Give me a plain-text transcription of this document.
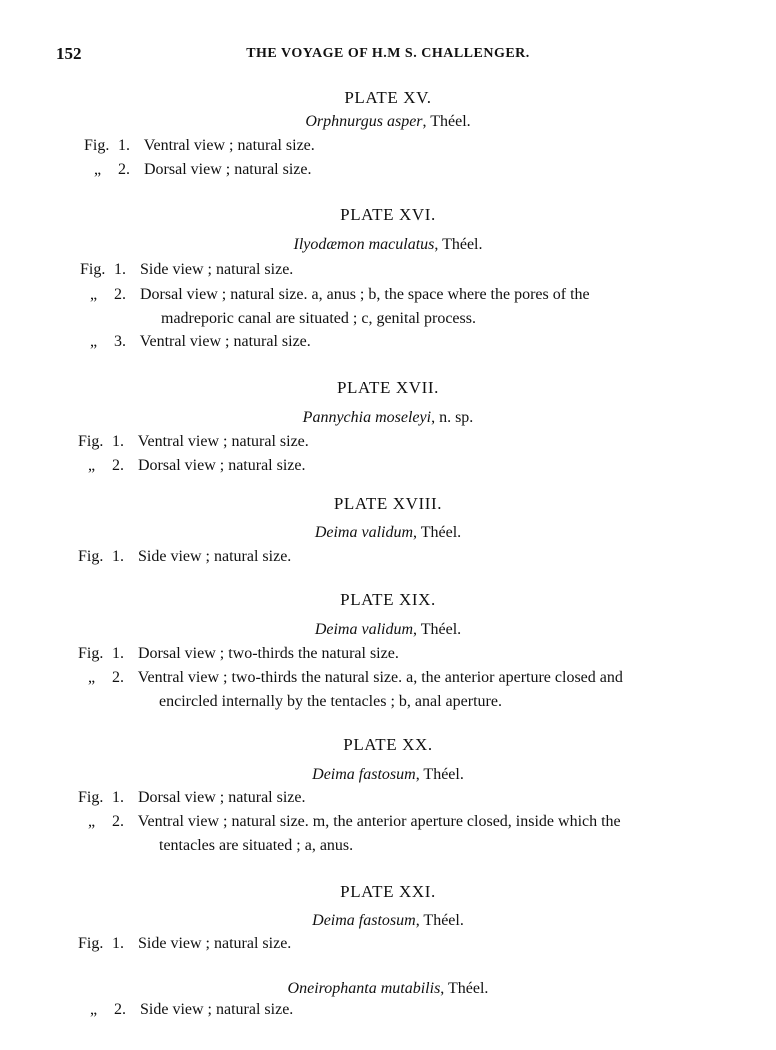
152	THE VOYAGE OF H.M S. CHALLENGER.
PLATE XV.
Orphnurgus asper, Théel.
Fig. 1. Ventral view ; natural size.
„ 2. Dorsal view ; natural size.
PLATE XVI.
Ilyodæmon maculatus, Théel.
Fig. 1. Side view ; natural size.
„ 2. Dorsal view ; natural size. a, anus ; b, the space where the pores of the
madreporic canal are situated ; c, genital process.
„ 3. Ventral view ; natural size.
PLATE XVII.
Pannychia moseleyi, n. sp.
Fig. 1. Ventral view ; natural size.
„ 2. Dorsal view ; natural size.
PLATE XVIII.
Deima validum, Théel.
Fig. 1. Side view ; natural size.
PLATE XIX.
Deima validum, Théel.
Fig. 1. Dorsal view ; two-thirds the natural size.
„ 2. Ventral view ; two-thirds the natural size. a, the anterior aperture closed and
encircled internally by the tentacles ; b, anal aperture.
PLATE XX.
Deima fastosum, Théel.
Fig. 1. Dorsal view ; natural size.
„ 2. Ventral view ; natural size. m, the anterior aperture closed, inside which the
tentacles are situated ; a, anus.
PLATE XXI.
Deima fastosum, Théel.
Fig. 1. Side view ; natural size.
Oneirophanta mutabilis, Théel.
„ 2. Side view ; natural size.
